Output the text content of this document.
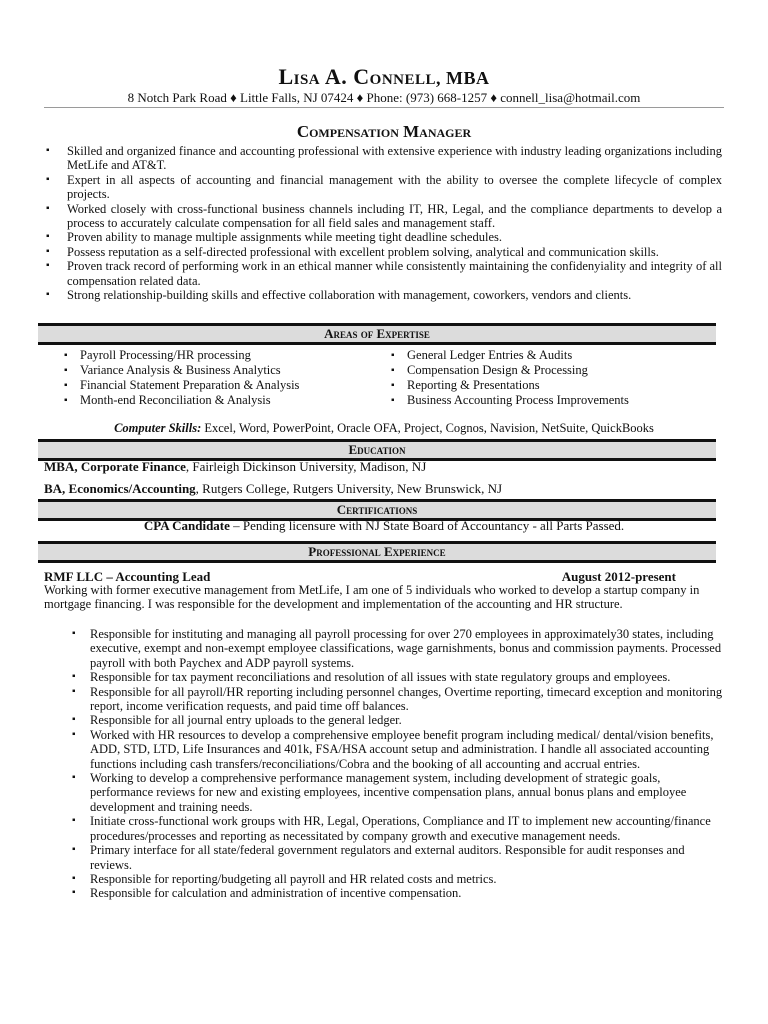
Lisa A. Connell, MBA
8 Notch Park Road ♦ Little Falls, NJ 07424 ♦ Phone: (973) 668-1257 ♦ connell_lisa@hotmail.com
Compensation Manager
▪ Skilled and organized finance and accounting professional with extensive experience with industry leading organizations including MetLife and AT&T.
▪ Expert in all aspects of accounting and financial management with the ability to oversee the complete lifecycle of complex projects.
▪ Worked closely with cross-functional business channels including IT, HR, Legal, and the compliance departments to develop a process to accurately calculate compensation for all field sales and management staff.
▪ Proven ability to manage multiple assignments while meeting tight deadline schedules.
▪ Possess reputation as a self-directed professional with excellent problem solving, analytical and communication skills.
▪ Proven track record of performing work in an ethical manner while consistently maintaining the confidenyiality and integrity of all compensation related data.
▪ Strong relationship-building skills and effective collaboration with management, coworkers, vendors and clients.
Areas of Expertise
▪ Payroll Processing/HR processing
▪ Variance Analysis & Business Analytics
▪ Financial Statement Preparation & Analysis
▪ Month-end Reconciliation & Analysis
▪ General Ledger Entries & Audits
▪ Compensation Design & Processing
▪ Reporting & Presentations
▪ Business Accounting Process Improvements
Computer Skills: Excel, Word, PowerPoint, Oracle OFA, Project, Cognos, Navision, NetSuite, QuickBooks
Education
MBA, Corporate Finance, Fairleigh Dickinson University, Madison, NJ
BA, Economics/Accounting, Rutgers College, Rutgers University, New Brunswick, NJ
Certifications
CPA Candidate – Pending licensure with NJ State Board of Accountancy - all Parts Passed.
Professional Experience
RMF LLC – Accounting Lead	August 2012-present
Working with former executive management from MetLife, I am one of 5 individuals who worked to develop a startup company in mortgage financing. I was responsible for the development and implementation of the accounting and HR structure.
▪ Responsible for instituting and managing all payroll processing for over 270 employees in approximately30 states, including executive, exempt and non-exempt employee classifications, wage garnishments, bonus and commission payments. Processed payroll with both Paychex and ADP payroll systems.
▪ Responsible for tax payment reconciliations and resolution of all issues with state regulatory groups and employees.
▪ Responsible for all payroll/HR reporting including personnel changes, Overtime reporting, timecard exception and monitoring report, income verification requests, and paid time off balances.
▪ Responsible for all journal entry uploads to the general ledger.
▪ Worked with HR resources to develop a comprehensive employee benefit program including medical/ dental/vision benefits, ADD, STD, LTD, Life Insurances and 401k, FSA/HSA account setup and administration. I handle all associated accounting functions including cash transfers/reconciliations/Cobra and the booking of all accounting and accrual entries.
▪ Working to develop a comprehensive performance management system, including development of strategic goals, performance reviews for new and existing employees, incentive compensation plans, annual bonus plans and employee development and training needs.
▪ Initiate cross-functional work groups with HR, Legal, Operations, Compliance and IT to implement new accounting/finance procedures/processes and reporting as necessitated by company growth and executive management needs.
▪ Primary interface for all state/federal government regulators and external auditors. Responsible for audit responses and reviews.
▪ Responsible for reporting/budgeting all payroll and HR related costs and metrics.
▪ Responsible for calculation and administration of incentive compensation.
